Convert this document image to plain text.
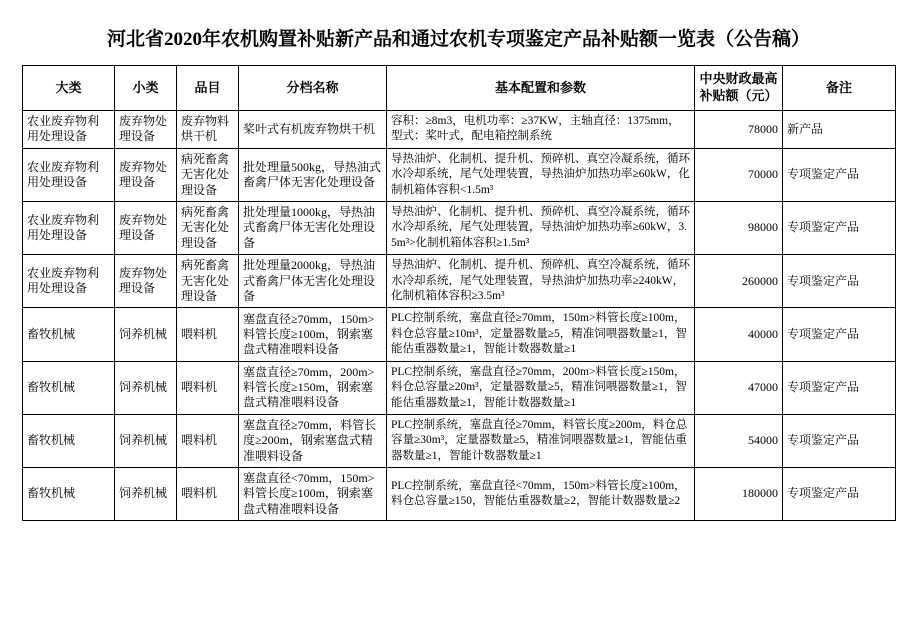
河北省2020年农机购置补贴新产品和通过农机专项鉴定产品补贴额一览表（公告稿）
大类	小类	品目	分档名称	基本配置和参数	中央财政最高补贴额（元）	备注
农业废弃物利用处理设备	废弃物处理设备	废弃物料烘干机	桨叶式有机废弃物烘干机	容积：≥8m3，电机功率：≥37KW，主轴直径：1375mm，型式：桨叶式，配电箱控制系统	78000	新产品
农业废弃物利用处理设备	废弃物处理设备	病死畜禽无害化处理设备	批处理量500kg，导热油式畜禽尸体无害化处理设备	导热油炉、化制机、提升机、预碎机、真空冷凝系统，循环水冷却系统，尾气处理装置，导热油炉加热功率≥60kW，化制机箱体容积<1.5m³	70000	专项鉴定产品
农业废弃物利用处理设备	废弃物处理设备	病死畜禽无害化处理设备	批处理量1000kg，导热油式畜禽尸体无害化处理设备	导热油炉、化制机、提升机、预碎机、真空冷凝系统，循环水冷却系统，尾气处理装置，导热油炉加热功率≥60kW，3.5m³>化制机箱体容积≥1.5m³	98000	专项鉴定产品
农业废弃物利用处理设备	废弃物处理设备	病死畜禽无害化处理设备	批处理量2000kg，导热油式畜禽尸体无害化处理设备	导热油炉、化制机、提升机、预碎机、真空冷凝系统，循环水冷却系统，尾气处理装置，导热油炉加热功率≥240kW，化制机箱体容积≥3.5m³	260000	专项鉴定产品
畜牧机械	饲养机械	喂料机	塞盘直径≥70mm，150m>料管长度≥100m，钢索塞盘式精准喂料设备	PLC控制系统，塞盘直径≥70mm，150m>料管长度≥100m，料仓总容量≥10m³，定量器数量≥5，精准饲喂器数量≥1，智能估重器数量≥1，智能计数器数量≥1	40000	专项鉴定产品
畜牧机械	饲养机械	喂料机	塞盘直径≥70mm，200m>料管长度≥150m，钢索塞盘式精准喂料设备	PLC控制系统，塞盘直径≥70mm，200m>料管长度≥150m，料仓总容量≥20m³，定量器数量≥5，精准饲喂器数量≥1，智能估重器数量≥1，智能计数器数量≥1	47000	专项鉴定产品
畜牧机械	饲养机械	喂料机	塞盘直径≥70mm，料管长度≥200m，钢索塞盘式精准喂料设备	PLC控制系统，塞盘直径≥70mm，料管长度≥200m，料仓总容量≥30m³，定量器数量≥5，精准饲喂器数量≥1，智能估重器数量≥1，智能计数器数量≥1	54000	专项鉴定产品
畜牧机械	饲养机械	喂料机	塞盘直径<70mm，150m>料管长度≥100m，钢索塞盘式精准喂料设备	PLC控制系统，塞盘直径<70mm，150m>料管长度≥100m，料仓总容量≥150，智能估重器数量≥2，智能计数器数量≥2	180000	专项鉴定产品
